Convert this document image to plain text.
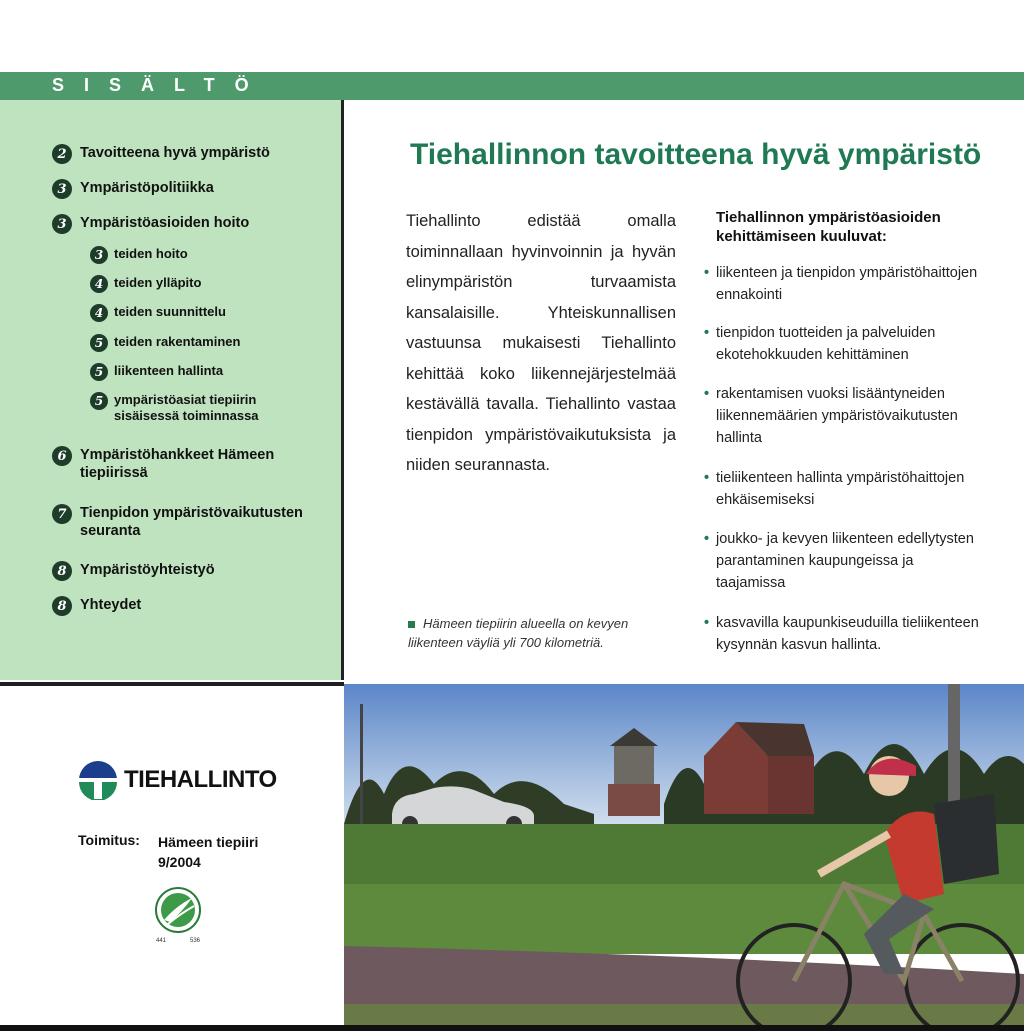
SISÄLTÖ
2 Tavoitteena hyvä ympäristö
3 Ympäristöpolitiikka
3 Ympäristöasioiden hoito
3 teiden hoito
4 teiden ylläpito
4 teiden suunnittelu
5 teiden rakentaminen
5 liikenteen hallinta
5 ympäristöasiat tiepiirin sisäisessä toiminnassa
6 Ympäristöhankkeet Hämeen tiepiirissä
7 Tienpidon ympäristövaikutusten seuranta
8 Ympäristöyhteistyö
8 Yhteydet
Tiehallinnon tavoitteena hyvä ympäristö
Tiehallinto edistää omalla toiminnallaan hyvinvoinnin ja hyvän elinympäristön turvaamista kansalaisille. Yhteiskunnallisen vastuunsa mukaisesti Tiehallinto kehittää koko liikennejärjestelmää kestävällä tavalla. Tiehallinto vastaa tienpidon ympäristövaikutuksista ja niiden seurannasta.
Hämeen tiepiirin alueella on kevyen liikenteen väyliä yli 700 kilometriä.
Tiehallinnon ympäristöasioiden kehittämiseen kuuluvat:
• liikenteen ja tienpidon ympäristöhaittojen ennakointi
• tienpidon tuotteiden ja palveluiden ekotehokkuuden kehittäminen
• rakentamisen vuoksi lisääntyneiden liikennemäärien ympäristövaikutusten hallinta
• tieliikenteen hallinta ympäristöhaittojen ehkäisemiseksi
• joukko- ja kevyen liikenteen edellytysten parantaminen kaupungeissa ja taajamissa
• kasvavilla kaupunkiseuduilla tieliikenteen kysynnän kasvun hallinta.
TIEHALLINTO
Toimitus:	Hämeen tiepiiri
9/2004
441	536
